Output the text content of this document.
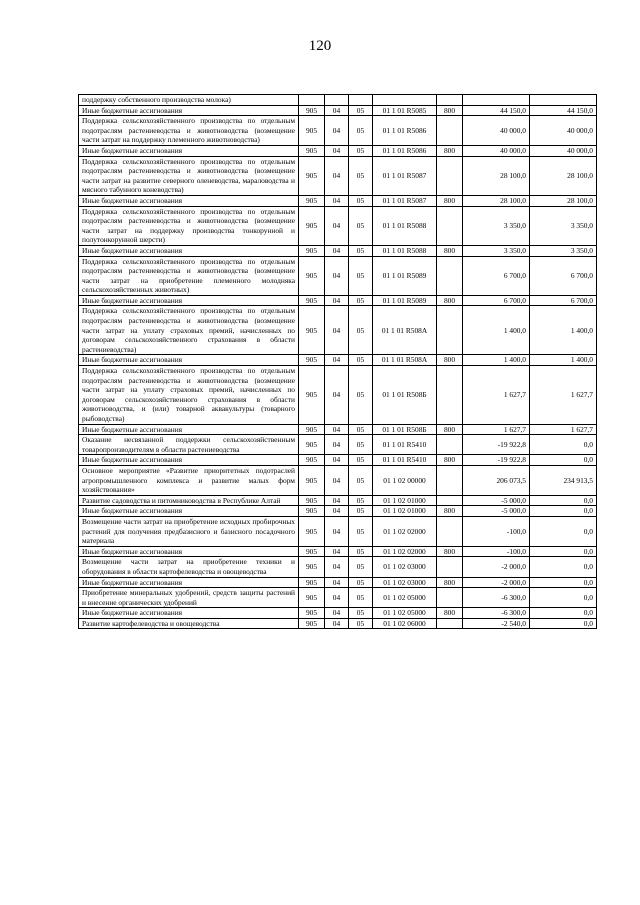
120
поддержку собственного производства молока)							
Иные бюджетные ассигнования	905	04	05	01 1 01 R5085	800	44 150,0	44 150,0
Поддержка сельскохозяйственного производства по отдельным подотраслям растениеводства и животноводства (возмещение части затрат на поддержку племенного животноводства)	905	04	05	01 1 01 R5086		40 000,0	40 000,0
Иные бюджетные ассигнования	905	04	05	01 1 01 R5086	800	40 000,0	40 000,0
Поддержка сельскохозяйственного производства по отдельным подотраслям растениеводства и животноводства (возмещение части затрат на развитие северного оленеводства, мараловодства и мясного табунного коневодства)	905	04	05	01 1 01 R5087		28 100,0	28 100,0
Иные бюджетные ассигнования	905	04	05	01 1 01 R5087	800	28 100,0	28 100,0
Поддержка сельскохозяйственного производства по отдельным подотраслям растениеводства и животноводства (возмещение части затрат на поддержку производства тонкорунной и полутонкорунной шерсти)	905	04	05	01 1 01 R5088		3 350,0	3 350,0
Иные бюджетные ассигнования	905	04	05	01 1 01 R5088	800	3 350,0	3 350,0
Поддержка сельскохозяйственного производства по отдельным подотраслям растениеводства и животноводства (возмещение части затрат на приобретение племенного молодняка сельскохозяйственных животных)	905	04	05	01 1 01 R5089		6 700,0	6 700,0
Иные бюджетные ассигнования	905	04	05	01 1 01 R5089	800	6 700,0	6 700,0
Поддержка сельскохозяйственного производства по отдельным подотраслям растениеводства и животноводства (возмещение части затрат на уплату страховых премий, начисленных по договорам сельскохозяйственного страхования в области растениеводства)	905	04	05	01 1 01 R508А		1 400,0	1 400,0
Иные бюджетные ассигнования	905	04	05	01 1 01 R508А	800	1 400,0	1 400,0
Поддержка сельскохозяйственного производства по отдельным подотраслям растениеводства и животноводства (возмещение части затрат на уплату страховых премий, начисленных по договорам сельскохозяйственного страхования в области животноводства, и (или) товарной аквакультуры (товарного рыбоводства)	905	04	05	01 1 01 R508Б		1 627,7	1 627,7
Иные бюджетные ассигнования	905	04	05	01 1 01 R508Б	800	1 627,7	1 627,7
Оказание несвязанной поддержки сельскохозяйственным товаропроизводителям в области растениеводства	905	04	05	01 1 01 R5410		-19 922,8	0,0
Иные бюджетные ассигнования	905	04	05	01 1 01 R5410	800	-19 922,8	0,0
Основное мероприятие «Развитие приоритетных подотраслей агропромышленного комплекса и развитие малых форм хозяйствования»	905	04	05	01 1 02 00000		206 073,5	234 913,5
Развитие садоводства и питомниководства в Республике Алтай	905	04	05	01 1 02 01000		-5 000,0	0,0
Иные бюджетные ассигнования	905	04	05	01 1 02 01000	800	-5 000,0	0,0
Возмещение части затрат на приобретение исходных пробирочных растений для получения предбазисного и базисного посадочного материала	905	04	05	01 1 02 02000		-100,0	0,0
Иные бюджетные ассигнования	905	04	05	01 1 02 02000	800	-100,0	0,0
Возмещение части затрат на приобретение техники и оборудования в области картофелеводства и овощеводства	905	04	05	01 1 02 03000		-2 000,0	0,0
Иные бюджетные ассигнования	905	04	05	01 1 02 03000	800	-2 000,0	0,0
Приобретение минеральных удобрений, средств защиты растений и внесение органических удобрений	905	04	05	01 1 02 05000		-6 300,0	0,0
Иные бюджетные ассигнования	905	04	05	01 1 02 05000	800	-6 300,0	0,0
Развитие картофелеводства и овощеводства	905	04	05	01 1 02 06000		-2 540,0	0,0
